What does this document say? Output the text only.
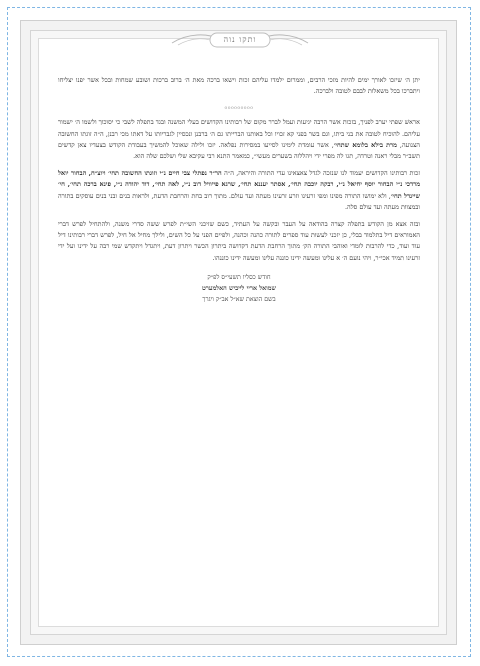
ותקו נוה

יתן ה׳ שיזכו לאורך ימים להיות מזכי הרבים, וממרום ילמדו עליהם זכות וישאו ברכה מאת ה׳ ברוב ברכות ושובע שמחות ובכל אשר יפנו יצליחו ויתברכו בכל משאלות לבבם לטובה ולברכה.

ooooooooo

אראשׁ שפתי יערב לפניך, בזכות אשר הרבה יגיעות ועמל לברר מקום של רבותינו הקדושים בעלי המשנה ובגד בתפלה לשבי כי יסוכוך ולשמו ה׳ ישמור עליהם. להוכיח לטובה את בני ביתו, וגם בשר בפני קא זכויו וכל באותנו הברייתו גם ה׳ ברבנן ונכסיין לגבריותו על דאתו מכי רבנן, ה״ה זוגתו החשובה הצנועה, מרת בילא בלומא שתחי׳, אשר עומדת לימינו לסייעו במסירות נפלאה. יזכו ולילה שאוכל להמשיך בעבודת הקודש בצעדיו צאן קדשים תשב״ר מבלי ראנה וטרדה, תגו לה מפרי ידי ויהללוה בשערים מעשי״, כמאמר התנא רבי עקיבא שלי ושלכם שלה הוא.

זכות רבותינו הקדושים יעמוד לנו שנזכה לגדל צאצאינו עדי התורה והיראה, ה״ה הר״ר נפתלי צבי חיים נ״י וזוגתו החשובה תחי׳ ויוצ״ח, הבחור יואל מרדכי נ״י הבחור יוסף יחיאל נ״י, רבקה יוכבה תחי׳, אסתר יעננא תחי׳, שרגא פייוויל דוב נ״י, לאה תחי׳, דוד יהודה נ״י, פינא ברכה תחי׳, חי׳ שיינדל תחי׳, ולא ימושו התורה מפינו ומפי זרעינו וזרע זרעינו מעתה ועד עולם. מתוך רוב בחת והרחבת הדעת, ולראות בנים ובני בנים עוסקים בתורה ובמצוות מעתה ועד עולם סלה.

ובזה אצא מן הקודש בתפלה קצרה בהודאה על העבר ובקשה על העתיד, כשם שזיכני השי״ת לפרש ששה סדרי משנה, ולהתחיל לפרש דברי האמוראים דיל בתלמוד בבלי, כן יזכני לעשות עוד ספרים לתורה כהנה וכהנה, ולפיים הפני על כל השים, ולילך מחיל אל חיל, לפרש דברי רבותינו דיל עוד ועוד, כדי להרבות לומדי ואוהבי התורה הק׳ מתוך הרחבת הדעת דקדושה ביתרון הכשר ויתרון דעת, ויתגדל ויתקדש שמי רבה על ידינו ועל ידי זרעינו תמיד אכי״ר, ויהי נועם ה׳ א עלינו ומעשה ידינו כוננה עלינו ומעשה ידינו כוננהו.

חודש כסליו תשעי״ס לפ״ק
שמואל אריי לייביש האלמערט
בשם הוצאת שא״ל אב״ק ויגרך
